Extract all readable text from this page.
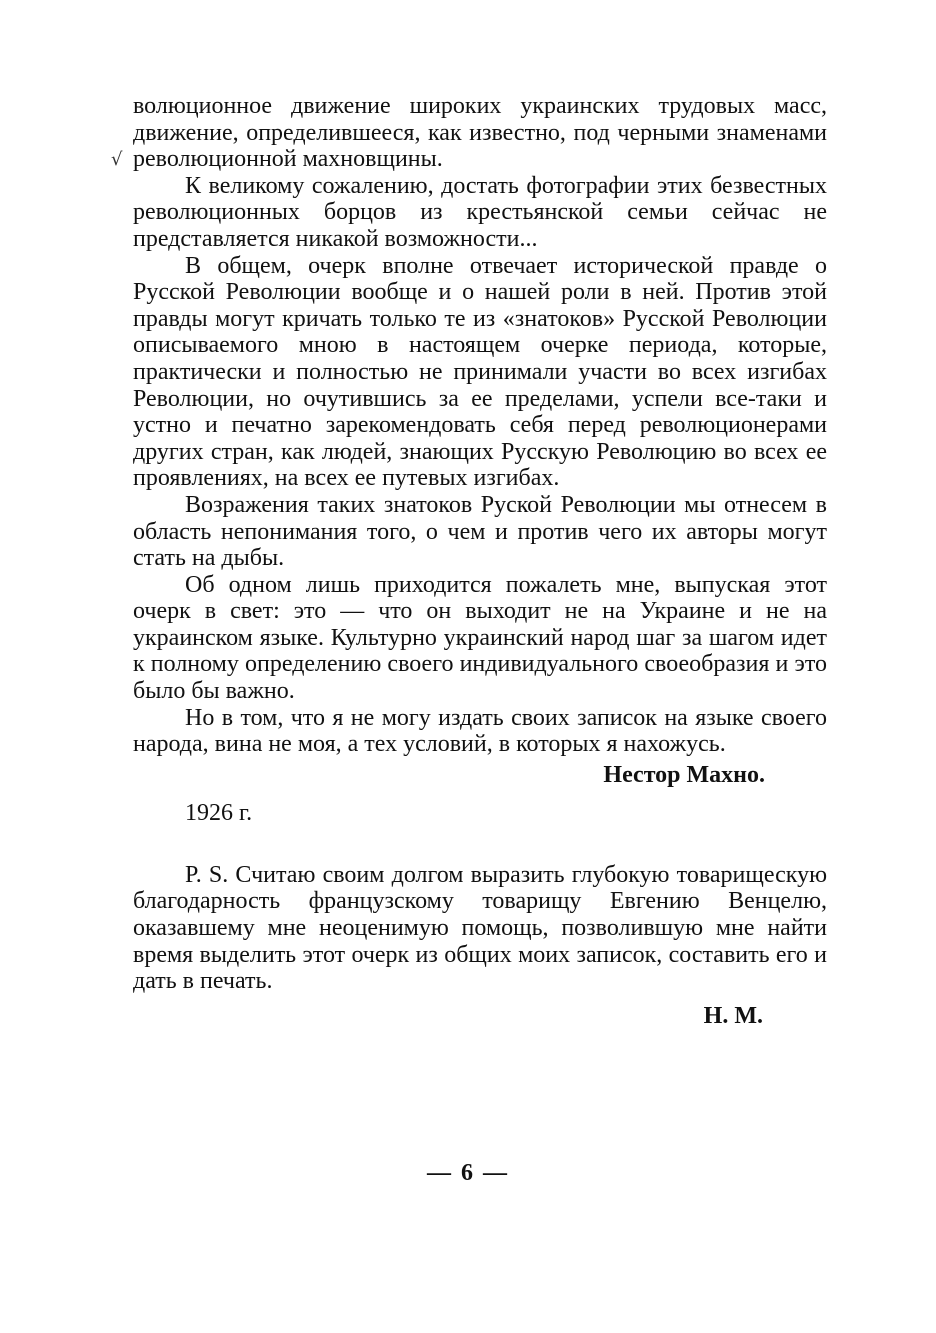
√

волюционное движение широких украинских трудовых масс, движение, определившееся, как известно, под черными знаменами революционной махновщины.

К великому сожалению, достать фотографии этих безвестных революционных борцов из крестьянской семьи сейчас не представляется никакой возможности...

В общем, очерк вполне отвечает исторической правде о Русской Революции вообще и о нашей роли в ней. Против этой правды могут кричать только те из «знатоков» Русской Революции описываемого мною в настоящем очерке периода, которые, практически и полностью не принимали участи во всех изгибах Революции, но очутившись за ее пределами, успели все-таки и устно и печатно зарекомендовать себя перед революционерами других стран, как людей, знающих Русскую Революцию во всех ее проявлениях, на всех ее путевых изгибах.

Возражения таких знатоков Руской Революции мы отнесем в область непонимания того, о чем и против чего их авторы могут стать на дыбы.

Об одном лишь приходится пожалеть мне, выпуская этот очерк в свет: это — что он выходит не на Украине и не на украинском языке. Культурно украинский народ шаг за шагом идет к полному определению своего индивидуального своеобразия и это было бы важно.

Но в том, что я не могу издать своих записок на языке своего народа, вина не моя, а тех условий, в которых я нахожусь.

Нестор Махно.

1926 г.

P. S. Считаю своим долгом выразить глубокую товарищескую благодарность французскому товарищу Евгению Венцелю, оказавшему мне неоценимую помощь, позволившую мне найти время выделить этот очерк из общих моих записок, составить его и дать в печать.

Н. М.

— 6 —
